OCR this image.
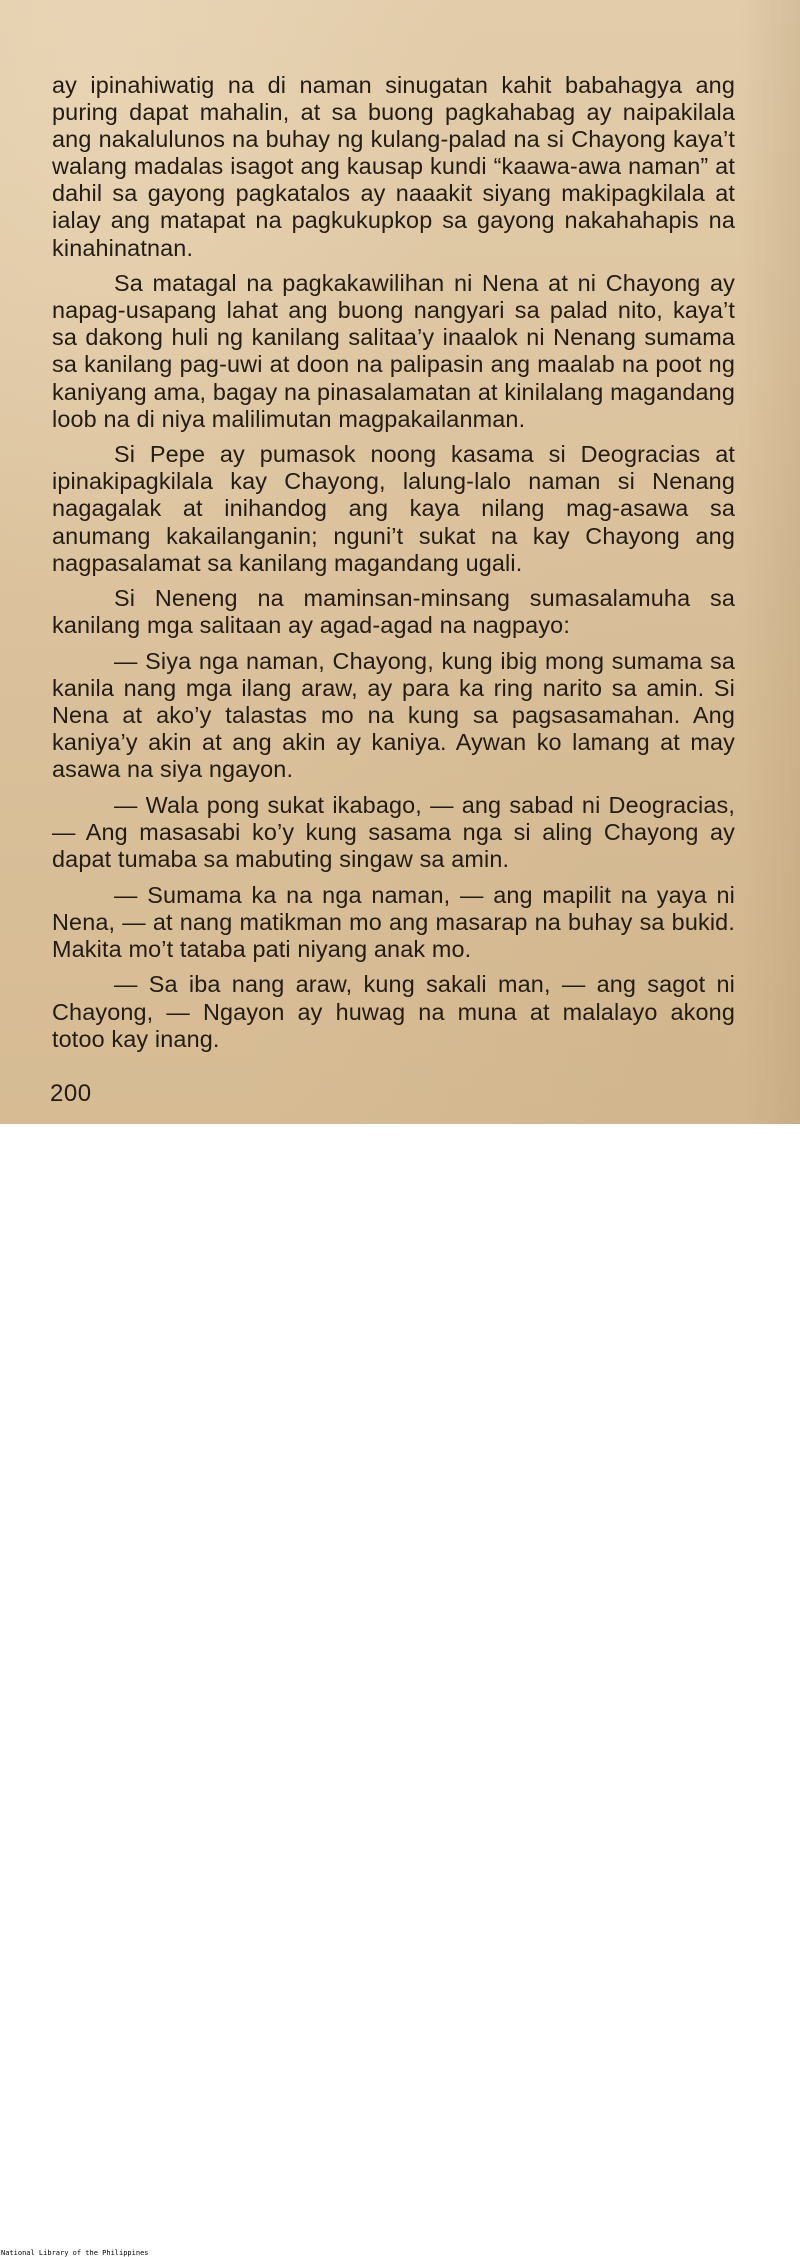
ay ipinahiwatig na di naman sinugatan kahit babahagya ang puring dapat mahalin, at sa buong pagkahabag ay naipakilala ang nakalulunos na buhay ng kulang-palad na si Chayong kaya’t walang madalas isagot ang kausap kundi “kaawa-awa naman” at dahil sa gayong pagkatalos ay naaakit siyang makipagkilala at ialay ang matapat na pagkukupkop sa gayong nakahahapis na kinahinatnan.

Sa matagal na pagkakawilihan ni Nena at ni Chayong ay napag-usapang lahat ang buong nangyari sa palad nito, kaya’t sa dakong huli ng kanilang salitaa’y inaalok ni Nenang sumama sa kanilang pag-uwi at doon na palipasin ang maalab na poot ng kaniyang ama, bagay na pinasalamatan at kinilalang magandang loob na di niya malilimutan magpakailanman.

Si Pepe ay pumasok noong kasama si Deogracias at ipinakipagkilala kay Chayong, lalung-lalo naman si Nenang nagagalak at inihandog ang kaya nilang mag-asawa sa anumang kakailanganin; nguni’t sukat na kay Chayong ang nagpasalamat sa kanilang magandang ugali.

Si Neneng na maminsan-minsang sumasalamuha sa kanilang mga salitaan ay agad-agad na nagpayo:

— Siya nga naman, Chayong, kung ibig mong sumama sa kanila nang mga ilang araw, ay para ka ring narito sa amin. Si Nena at ako’y talastas mo na kung sa pagsasamahan. Ang kaniya’y akin at ang akin ay kaniya. Aywan ko lamang at may asawa na siya ngayon.

— Wala pong sukat ikabago, — ang sabad ni Deogracias, — Ang masasabi ko’y kung sasama nga si aling Chayong ay dapat tumaba sa mabuting singaw sa amin.

— Sumama ka na nga naman, — ang mapilit na yaya ni Nena, — at nang matikman mo ang masarap na buhay sa bukid. Makita mo’t tataba pati niyang anak mo.

— Sa iba nang araw, kung sakali man, — ang sagot ni Chayong, — Ngayon ay huwag na muna at malalayo akong totoo kay inang.

200
National Library of the Philippines
